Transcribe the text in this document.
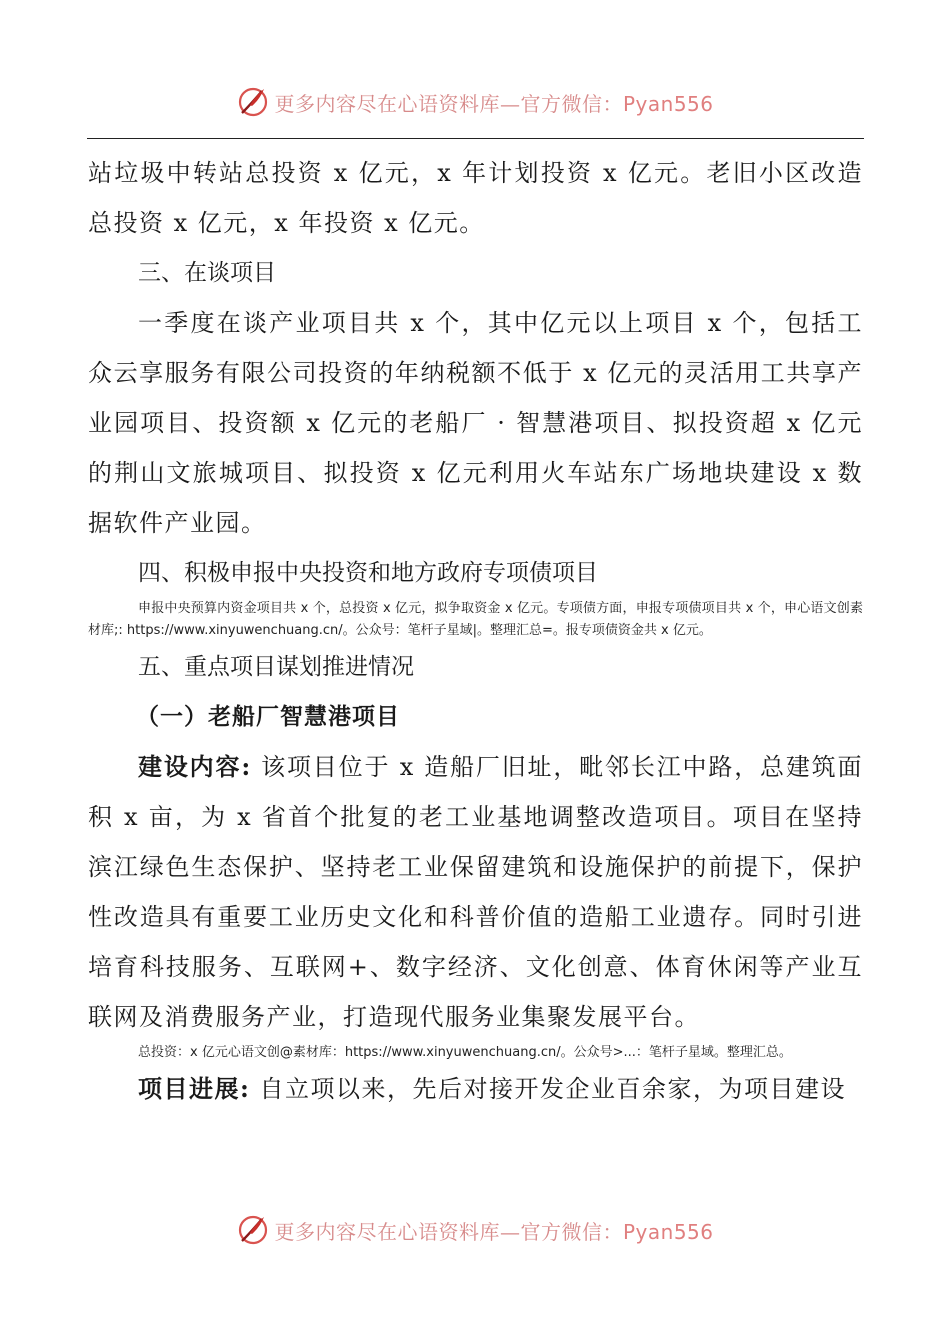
更多内容尽在心语资料库—官方微信：Pyan556

站垃圾中转站总投资 x 亿元，x 年计划投资 x 亿元。老旧小区改造总投资 x 亿元，x 年投资 x 亿元。

三、在谈项目

一季度在谈产业项目共 x 个，其中亿元以上项目 x 个，包括工众云享服务有限公司投资的年纳税额不低于 x 亿元的灵活用工共享产业园项目、投资额 x 亿元的老船厂 · 智慧港项目、拟投资超 x 亿元的荆山文旅城项目、拟投资 x 亿元利用火车站东广场地块建设 x 数据软件产业园。

四、积极申报中央投资和地方政府专项债项目

申报中央预算内资金项目共 x 个，总投资 x 亿元，拟争取资金 x 亿元。专项债方面，申报专项债项目共 x 个，申心语文创素材库;: https://www.xinyuwenchuang.cn/。公众号：笔杆子星域|。整理汇总=。报专项债资金共 x 亿元。

五、重点项目谋划推进情况

（一）老船厂智慧港项目

建设内容: 该项目位于 x 造船厂旧址，毗邻长江中路，总建筑面积 x 亩，为 x 省首个批复的老工业基地调整改造项目。项目在坚持滨江绿色生态保护、坚持老工业保留建筑和设施保护的前提下，保护性改造具有重要工业历史文化和科普价值的造船工业遗存。同时引进培育科技服务、互联网+、数字经济、文化创意、体育休闲等产业互联网及消费服务产业，打造现代服务业集聚发展平台。

总投资：x 亿元心语文创@素材库：https://www.xinyuwenchuang.cn/。公众号>...：笔杆子星域。整理汇总。

项目进展: 自立项以来，先后对接开发企业百余家，为项目建设

更多内容尽在心语资料库—官方微信：Pyan556
